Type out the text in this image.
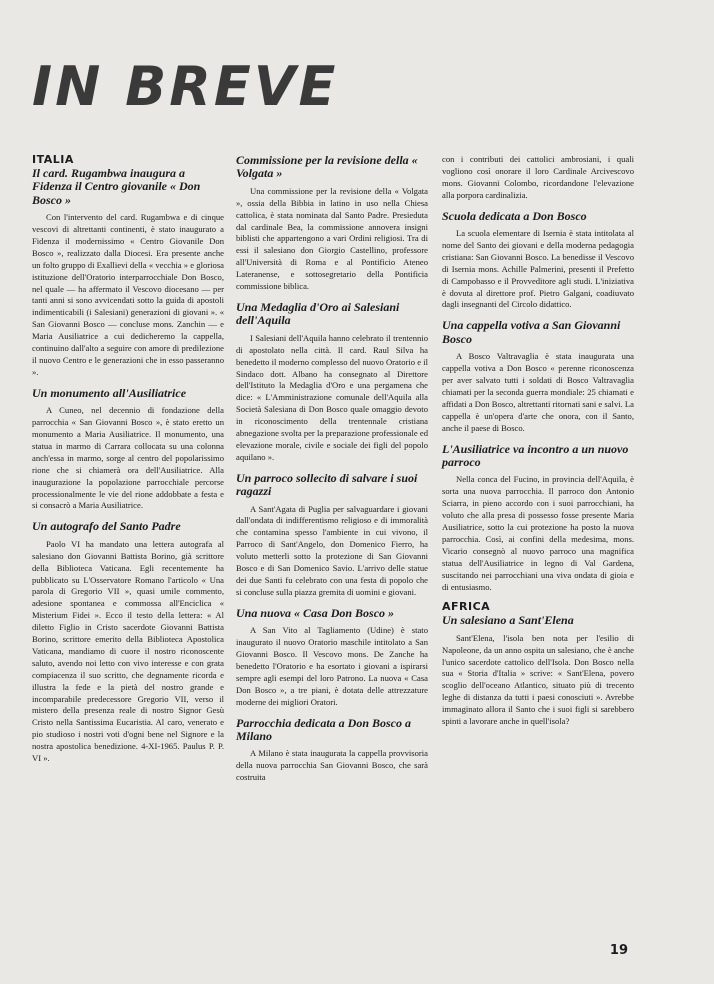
IN BREVE
ITALIA
Il card. Rugambwa inaugura a Fidenza il Centro giovanile « Don Bosco »
Con l'intervento del card. Rugambwa e di cinque vescovi di altrettanti continenti, è stato inaugurato a Fidenza il modernissimo « Centro Giovanile Don Bosco », realizzato dalla Diocesi. Era presente anche un folto gruppo di Exallievi della « vecchia » e gloriosa istituzione dell'Oratorio interparrocchiale Don Bosco, nel quale — ha affermato il Vescovo diocesano — per tanti anni si sono avvicendati sotto la guida di apostoli indimenticabili (i Salesiani) generazioni di giovani ». « San Giovanni Bosco — concluse mons. Zanchin — e Maria Ausiliatrice a cui dedicheremo la cappella, continuino dall'alto a seguire con amore di predilezione il nuovo Centro e le generazioni che in esso passeranno ».
Un monumento all'Ausiliatrice
A Cuneo, nel decennio di fondazione della parrocchia « San Giovanni Bosco », è stato eretto un monumento a Maria Ausiliatrice. Il monumento, una statua in marmo di Carrara collocata su una colonna anch'essa in marmo, sorge al centro del popolarissimo rione che si chiamerà ora dell'Ausiliatrice. Alla inaugurazione la popolazione parrocchiale percorse processionalmente le vie del rione addobbate a festa e si consacrò a Maria Ausiliatrice.
Un autografo del Santo Padre
Paolo VI ha mandato una lettera autografa al salesiano don Giovanni Battista Borino, già scrittore della Biblioteca Vaticana. Egli recentemente ha pubblicato su L'Osservatore Romano l'articolo « Una parola di Gregorio VII », quasi umile commento, adesione spontanea e commossa all'Enciclica « Misterium Fidei ». Ecco il testo della lettera: « Al diletto Figlio in Cristo sacerdote Giovanni Battista Borino, scrittore emerito della Biblioteca Apostolica Vaticana, mandiamo di cuore il nostro riconoscente saluto, avendo noi letto con vivo interesse e con grata compiacenza il suo scritto, che degnamente ricorda e illustra la fede e la pietà del nostro grande e incomparabile predecessore Gregorio VII, verso il mistero della presenza reale di nostro Signor Gesù Cristo nella Santissima Eucaristia. Al caro, venerato e pio studioso i nostri voti d'ogni bene nel Signore e la nostra apostolica benedizione. 4-XI-1965. Paulus P. P. VI ».
Commissione per la revisione della « Volgata »
Una commissione per la revisione della « Volgata », ossia della Bibbia in latino in uso nella Chiesa cattolica, è stata nominata dal Santo Padre. Presieduta dal cardinale Bea, la commissione annovera insigni biblisti che appartengono a vari Ordini religiosi. Tra di essi il salesiano don Giorgio Castellino, professore all'Università di Roma e al Pontificio Ateneo Lateranense, e sottosegretario della Pontificia commissione biblica.
Una Medaglia d'Oro ai Salesiani dell'Aquila
I Salesiani dell'Aquila hanno celebrato il trentennio di apostolato nella città. Il card. Raul Silva ha benedetto il moderno complesso del nuovo Oratorio e il Sindaco dott. Albano ha consegnato al Direttore dell'Istituto la Medaglia d'Oro e una pergamena che dice: « L'Amministrazione comunale dell'Aquila alla Società Salesiana di Don Bosco quale omaggio devoto in riconoscimento della trentennale cristiana abnegazione svolta per la preparazione professionale ed elevazione morale, civile e sociale dei figli del popolo aquilano ».
Un parroco sollecito di salvare i suoi ragazzi
A Sant'Agata di Puglia per salvaguardare i giovani dall'ondata di indifferentismo religioso e di immoralità che contamina spesso l'ambiente in cui vivono, il Parroco di Sant'Angelo, don Domenico Fierro, ha voluto metterli sotto la protezione di San Giovanni Bosco e di San Domenico Savio. L'arrivo delle statue dei due Santi fu celebrato con una festa di popolo che si concluse sulla piazza gremita di uomini e giovani.
Una nuova « Casa Don Bosco »
A San Vito al Tagliamento (Udine) è stato inaugurato il nuovo Oratorio maschile intitolato a San Giovanni Bosco. Il Vescovo mons. De Zanche ha benedetto l'Oratorio e ha esortato i giovani a ispirarsi sempre agli esempi del loro Patrono. La nuova « Casa Don Bosco », a tre piani, è dotata delle attrezzature moderne dei migliori Oratori.
Parrocchia dedicata a Don Bosco a Milano
A Milano è stata inaugurata la cappella provvisoria della nuova parrocchia San Giovanni Bosco, che sarà costruita
con i contributi dei cattolici ambrosiani, i quali vogliono così onorare il loro Cardinale Arcivescovo mons. Giovanni Colombo, ricordandone l'elevazione alla porpora cardinalizia.
Scuola dedicata a Don Bosco
La scuola elementare di Isernia è stata intitolata al nome del Santo dei giovani e della moderna pedagogia cristiana: San Giovanni Bosco. La benedisse il Vescovo di Isernia mons. Achille Palmerini, presenti il Prefetto di Campobasso e il Provveditore agli studi. L'iniziativa è dovuta al direttore prof. Pietro Galgani, coadiuvato dagli insegnanti del Circolo didattico.
Una cappella votiva a San Giovanni Bosco
A Bosco Valtravaglia è stata inaugurata una cappella votiva a Don Bosco « perenne riconoscenza per aver salvato tutti i soldati di Bosco Valtravaglia chiamati per la seconda guerra mondiale: 25 chiamati e affidati a Don Bosco, altrettanti ritornati sani e salvi. La cappella è un'opera d'arte che onora, con il Santo, anche il paese di Bosco.
L'Ausiliatrice va incontro a un nuovo parroco
Nella conca del Fucino, in provincia dell'Aquila, è sorta una nuova parrocchia. Il parroco don Antonio Sciarra, in pieno accordo con i suoi parrocchiani, ha voluto che alla presa di possesso fosse presente Maria Ausiliatrice, sotto la cui protezione ha posto la nuova parrocchia. Così, ai confini della medesima, mons. Vicario consegnò al nuovo parroco una magnifica statua dell'Ausiliatrice in legno di Val Gardena, suscitando nei parrocchiani una viva ondata di gioia e di entusiasmo.
AFRICA
Un salesiano a Sant'Elena
Sant'Elena, l'isola ben nota per l'esilio di Napoleone, da un anno ospita un salesiano, che è anche l'unico sacerdote cattolico dell'Isola. Don Bosco nella sua « Storia d'Italia » scrive: « Sant'Elena, povero scoglio dell'oceano Atlantico, situato più di trecento leghe di distanza da tutti i paesi conosciuti ». Avrebbe immaginato allora il Santo che i suoi figli si sarebbero spinti a lavorare anche in quell'isola?
19
